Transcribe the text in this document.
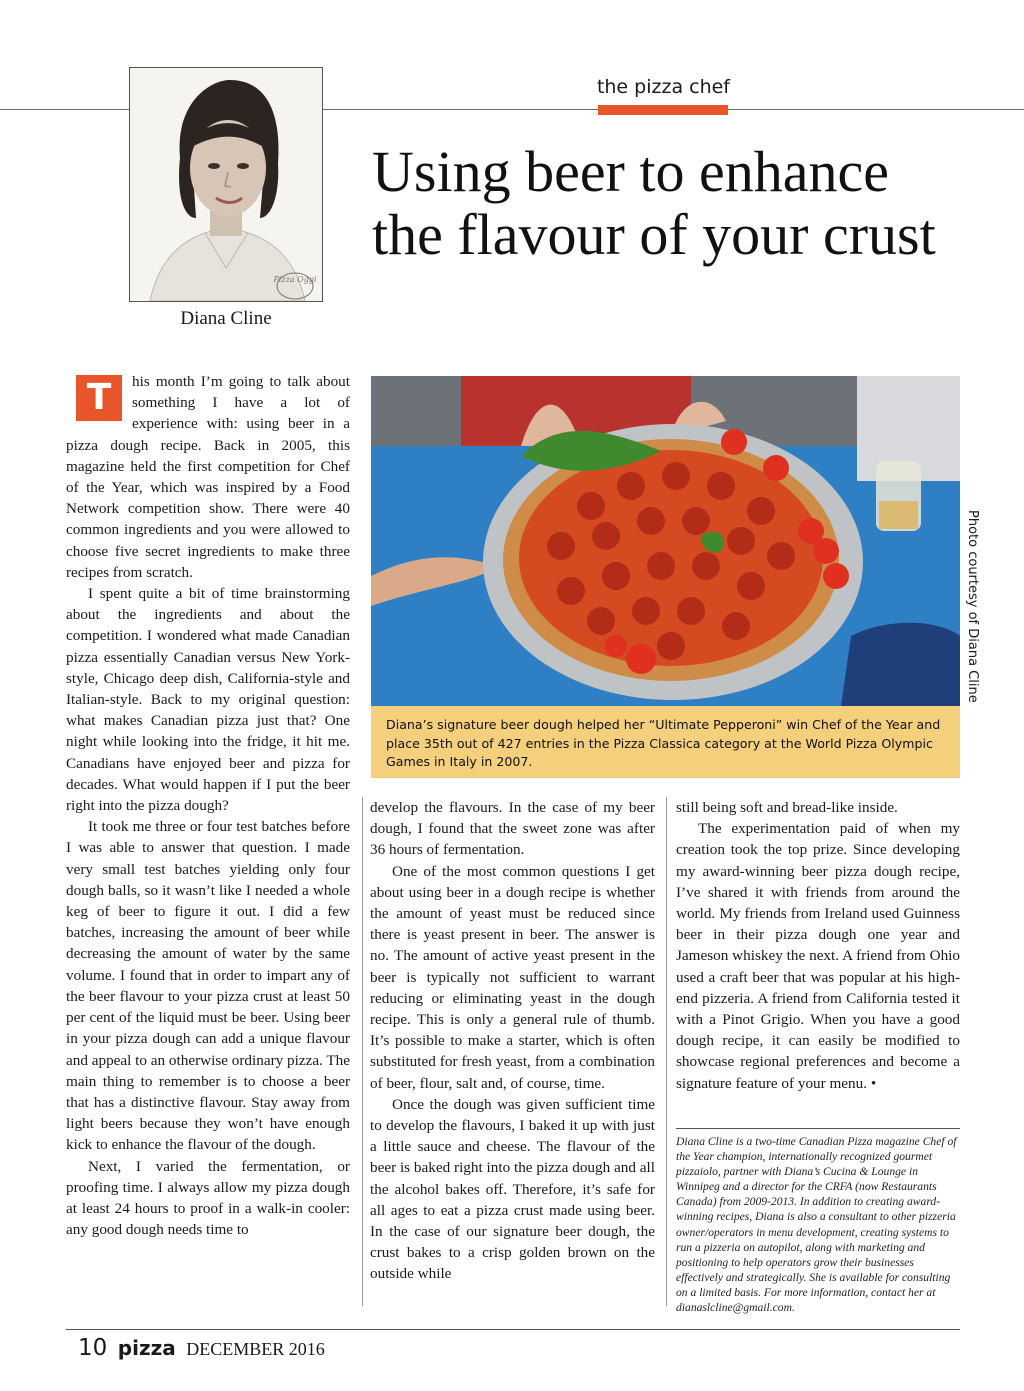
the pizza chef
Pizza Oggi
Diana Cline
Using beer to enhance the flavour of your crust
Photo courtesy of Diana Cline
Diana’s signature beer dough helped her “Ultimate Pepperoni” win Chef of the Year and place 35th out of 427 entries in the Pizza Classica category at the World Pizza Olympic Games in Italy in 2007.

T	his month I’m going to talk about something I have a lot of experience with: using beer in a pizza dough recipe. Back in 2005, this magazine held the first competition for Chef of the Year, which was inspired by a Food Network competition show. There were 40 common ingredients and you were allowed to choose five secret ingredients to make three recipes from scratch.

I spent quite a bit of time brainstorming about the ingredients and about the competition. I wondered what made Canadian pizza essentially Canadian versus New York-style, Chicago deep dish, California-style and Italian-style. Back to my original question: what makes Canadian pizza just that? One night while looking into the fridge, it hit me. Canadians have enjoyed beer and pizza for decades. What would happen if I put the beer right into the pizza dough?

It took me three or four test batches before I was able to answer that question. I made very small test batches yielding only four dough balls, so it wasn’t like I needed a whole keg of beer to figure it out. I did a few batches, increasing the amount of beer while decreasing the amount of water by the same volume. I found that in order to impart any of the beer flavour to your pizza crust at least 50 per cent of the liquid must be beer. Using beer in your pizza dough can add a unique flavour and appeal to an otherwise ordinary pizza. The main thing to remember is to choose a beer that has a distinctive flavour. Stay away from light beers because they won’t have enough kick to enhance the flavour of the dough.

Next, I varied the fermentation, or proofing time. I always allow my pizza dough at least 24 hours to proof in a walk-in cooler: any good dough needs time to

develop the flavours. In the case of my beer dough, I found that the sweet zone was after 36 hours of fermentation.

One of the most common questions I get about using beer in a dough recipe is whether the amount of yeast must be reduced since there is yeast present in beer. The answer is no. The amount of active yeast present in the beer is typically not sufficient to warrant reducing or eliminating yeast in the dough recipe. This is only a general rule of thumb. It’s possible to make a starter, which is often substituted for fresh yeast, from a combination of beer, flour, salt and, of course, time.

Once the dough was given sufficient time to develop the flavours, I baked it up with just a little sauce and cheese. The flavour of the beer is baked right into the pizza dough and all the alcohol bakes off. Therefore, it’s safe for all ages to eat a pizza crust made using beer. In the case of our signature beer dough, the crust bakes to a crisp golden brown on the outside while

still being soft and bread-like inside.

The experimentation paid of when my creation took the top prize. Since developing my award-winning beer pizza dough recipe, I’ve shared it with friends from around the world. My friends from Ireland used Guinness beer in their pizza dough one year and Jameson whiskey the next. A friend from Ohio used a craft beer that was popular at his high-end pizzeria. A friend from California tested it with a Pinot Grigio. When you have a good dough recipe, it can easily be modified to showcase regional preferences and become a signature feature of your menu. •

Diana Cline is a two-time Canadian Pizza magazine Chef of the Year champion, internationally recognized gourmet pizzaiolo, partner with Diana’s Cucina & Lounge in Winnipeg and a director for the CRFA (now Restaurants Canada) from 2009-2013. In addition to creating award-winning recipes, Diana is also a consultant to other pizzeria owner/operators in menu development, creating systems to run a pizzeria on autopilot, along with marketing and positioning to help operators grow their businesses effectively and strategically. She is available for consulting on a limited basis. For more information, contact her at dianaslcline@gmail.com.
10 pizza DECEMBER 2016
